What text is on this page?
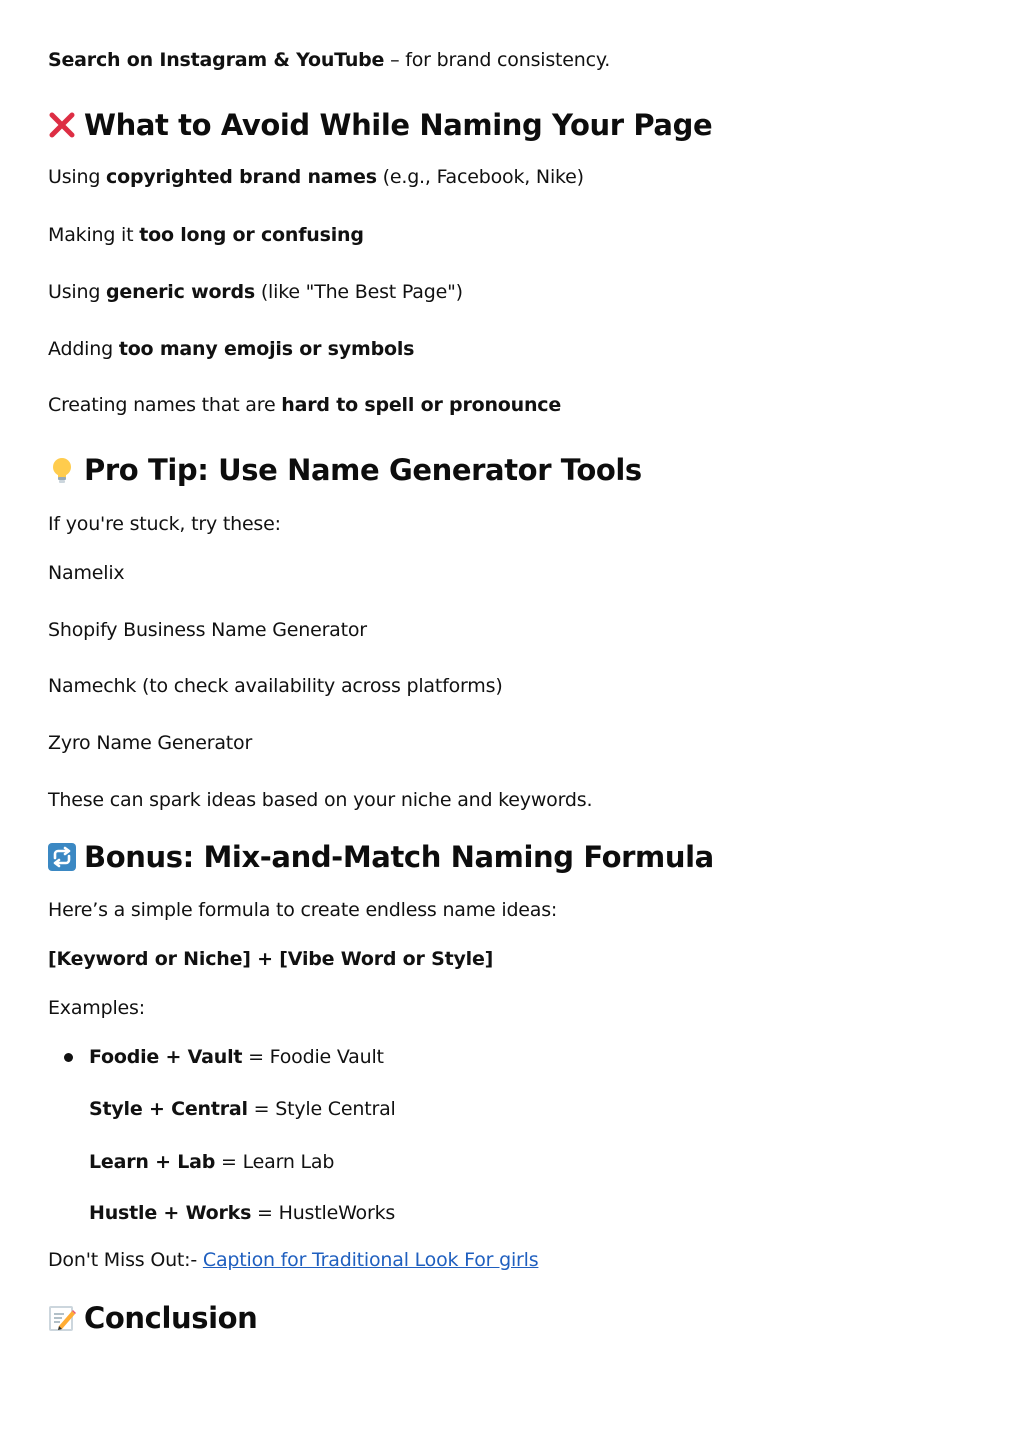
Search on Instagram & YouTube – for brand consistency.
What to Avoid While Naming Your Page
Using copyrighted brand names (e.g., Facebook, Nike)
Making it too long or confusing
Using generic words (like "The Best Page")
Adding too many emojis or symbols
Creating names that are hard to spell or pronounce
Pro Tip: Use Name Generator Tools
If you're stuck, try these:
Namelix
Shopify Business Name Generator
Namechk (to check availability across platforms)
Zyro Name Generator
These can spark ideas based on your niche and keywords.
Bonus: Mix-and-Match Naming Formula
Here’s a simple formula to create endless name ideas:
[Keyword or Niche] + [Vibe Word or Style]
Examples:
Foodie + Vault = Foodie Vault
Style + Central = Style Central
Learn + Lab = Learn Lab
Hustle + Works = HustleWorks
Don't Miss Out:- Caption for Traditional Look For girls
Conclusion
